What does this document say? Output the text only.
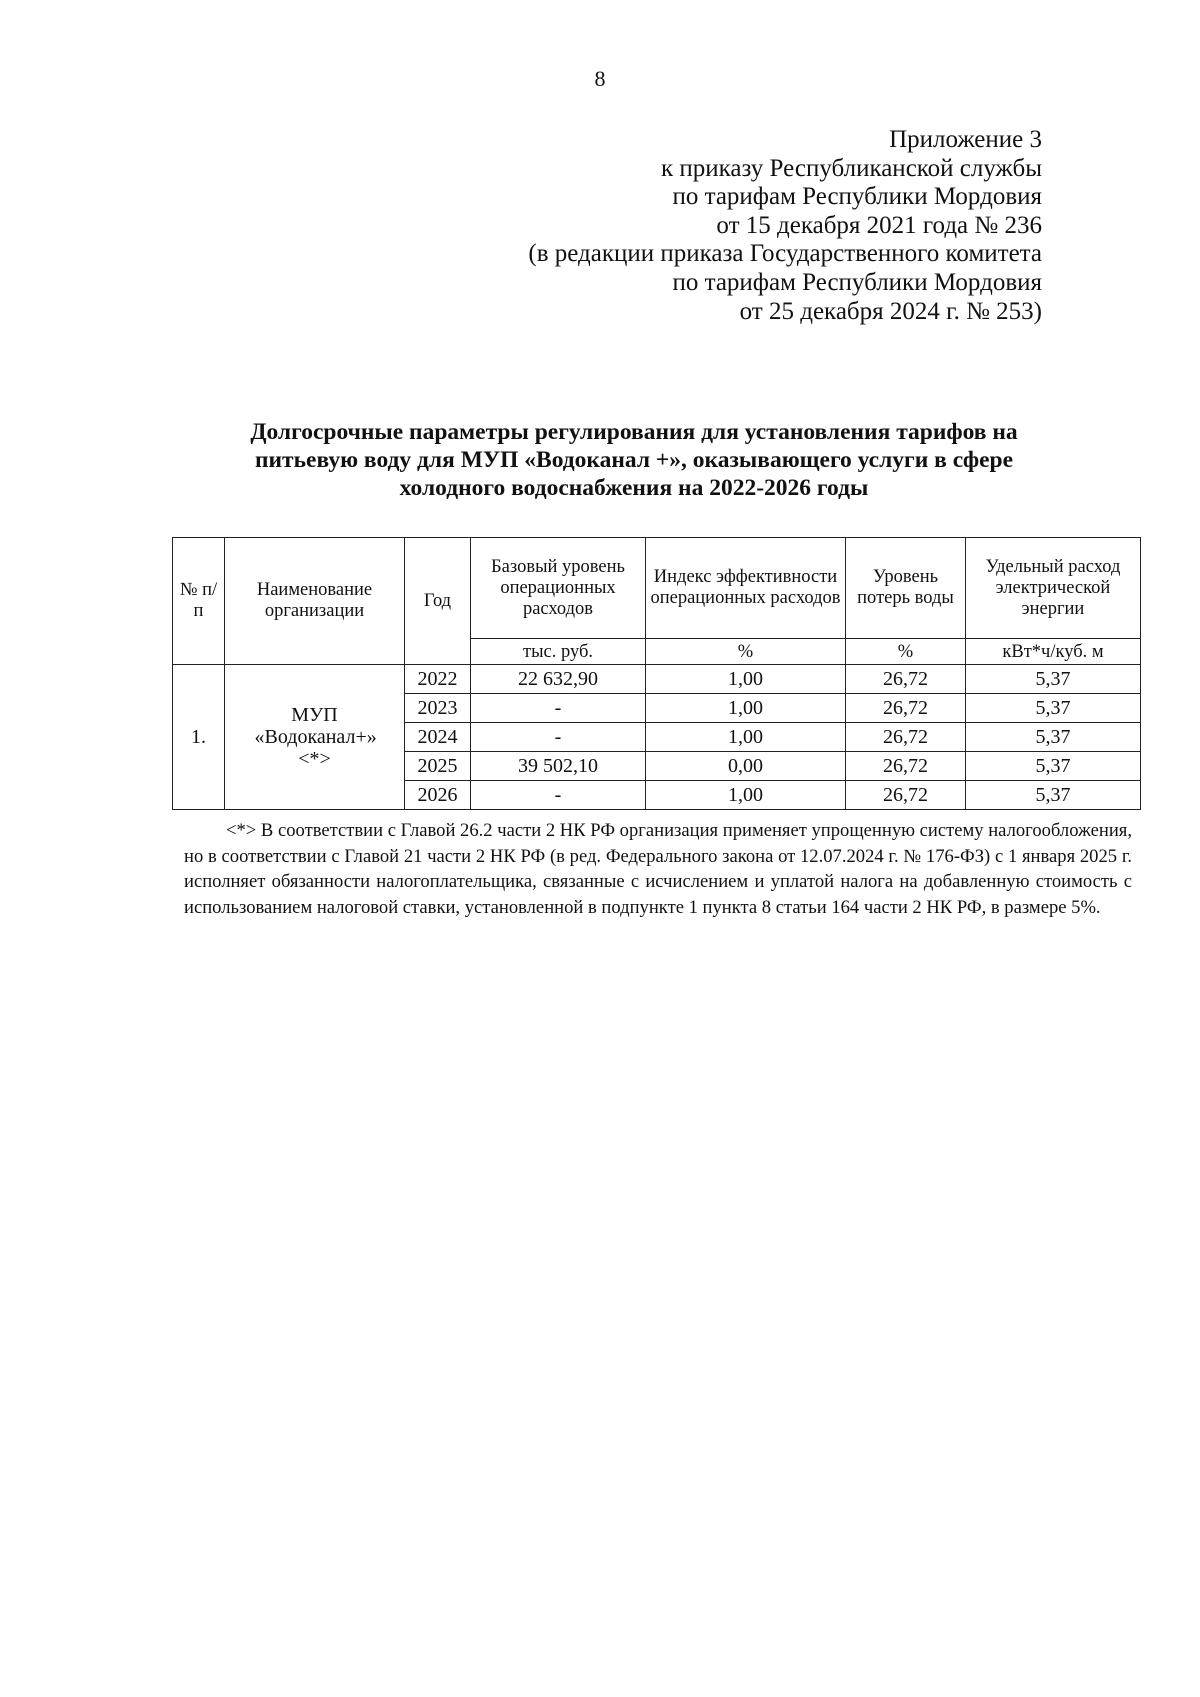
8
Приложение 3
к приказу Республиканской службы
по тарифам Республики Мордовия
от 15 декабря 2021 года № 236
(в редакции приказа Государственного комитета
по тарифам Республики Мордовия
от 25 декабря 2024 г. № 253)
Долгосрочные параметры регулирования для установления тарифов на
питьевую воду для МУП «Водоканал +», оказывающего услуги в сфере
холодного водоснабжения на 2022-2026 годы
№ п/п	Наименование организации	Год	Базовый уровень операционных расходов	Индекс эффективности операционных расходов	Уровень потерь воды	Удельный расход электрической энергии
			тыс. руб.	%	%	кВт*ч/куб. м
1.	МУП «Водоканал+» <*>	2022	22 632,90	1,00	26,72	5,37
		2023	-	1,00	26,72	5,37
		2024	-	1,00	26,72	5,37
		2025	39 502,10	0,00	26,72	5,37
		2026	-	1,00	26,72	5,37
<*> В соответствии с Главой 26.2 части 2 НК РФ организация применяет упрощенную систему налогообложения, но в соответствии с Главой 21 части 2 НК РФ (в ред. Федерального закона от 12.07.2024 г. № 176-ФЗ) с 1 января 2025 г. исполняет обязанности налогоплательщика, связанные с исчислением и уплатой налога на добавленную стоимость с использованием налоговой ставки, установленной в подпункте 1 пункта 8 статьи 164 части 2 НК РФ, в размере 5%.
